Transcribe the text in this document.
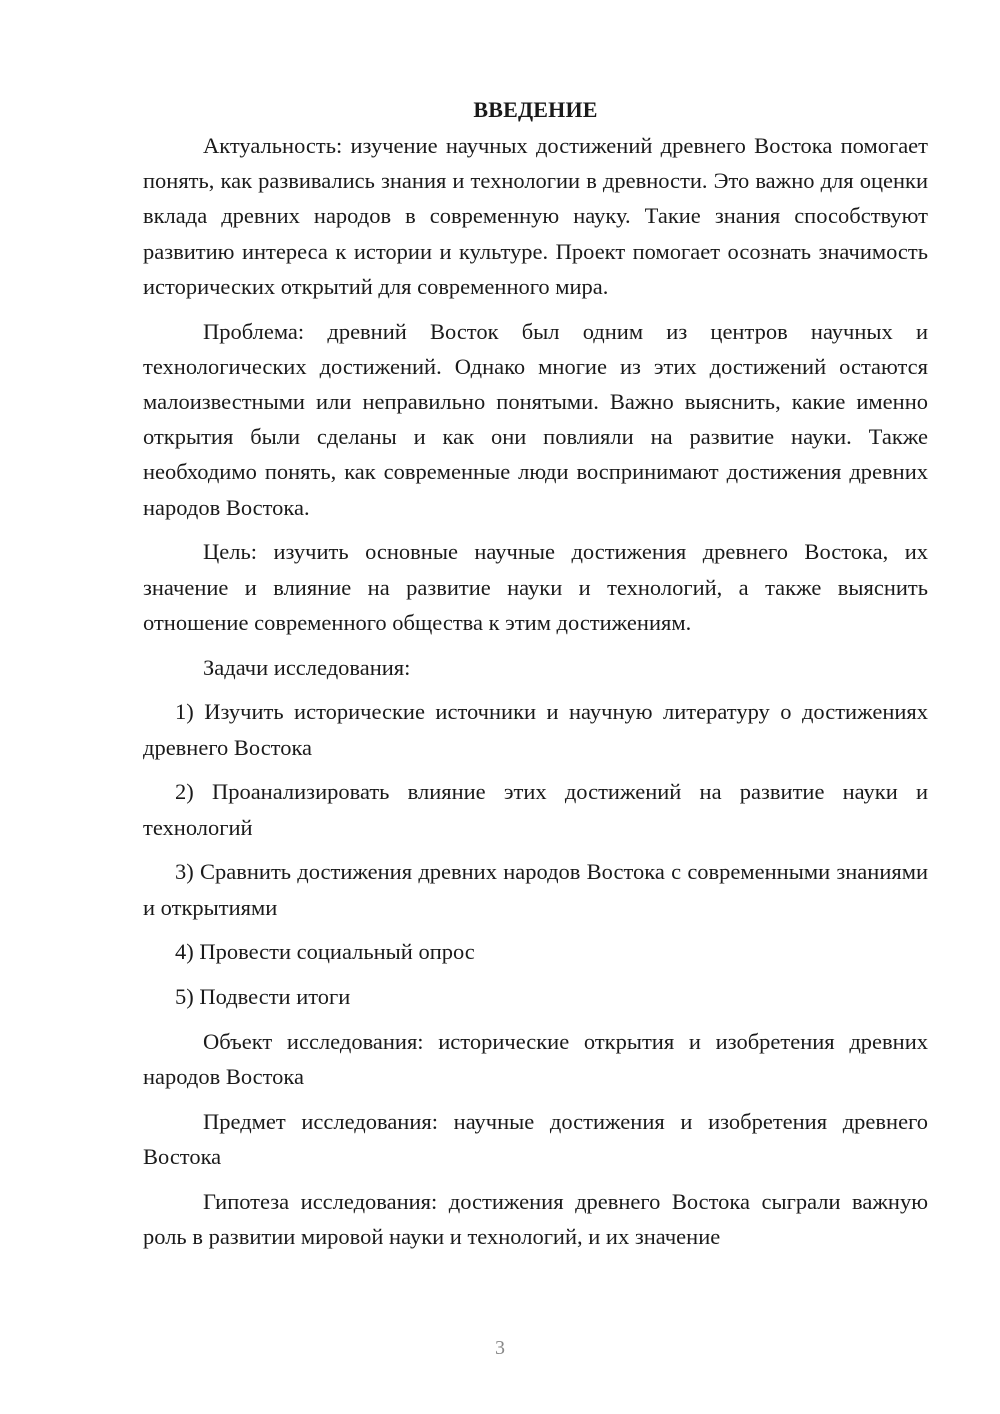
ВВЕДЕНИЕ

Актуальность: изучение научных достижений древнего Востока помогает понять, как развивались знания и технологии в древности. Это важно для оценки вклада древних народов в современную науку. Такие знания способствуют развитию интереса к истории и культуре. Проект помогает осознать значимость исторических открытий для современного мира.

Проблема: древний Восток был одним из центров научных и технологических достижений. Однако многие из этих достижений остаются малоизвестными или неправильно понятыми. Важно выяснить, какие именно открытия были сделаны и как они повлияли на развитие науки. Также необходимо понять, как современные люди воспринимают достижения древних народов Востока.

Цель: изучить основные научные достижения древнего Востока, их значение и влияние на развитие науки и технологий, а также выяснить отношение современного общества к этим достижениям.

Задачи исследования:

1) Изучить исторические источники и научную литературу о достижениях древнего Востока

2) Проанализировать влияние этих достижений на развитие науки и технологий

3) Сравнить достижения древних народов Востока с современными знаниями и открытиями

4) Провести социальный опрос

5) Подвести итоги

Объект исследования: исторические открытия и изобретения древних народов Востока

Предмет исследования: научные достижения и изобретения древнего Востока

Гипотеза исследования: достижения древнего Востока сыграли важную роль в развитии мировой науки и технологий, и их значение

3
